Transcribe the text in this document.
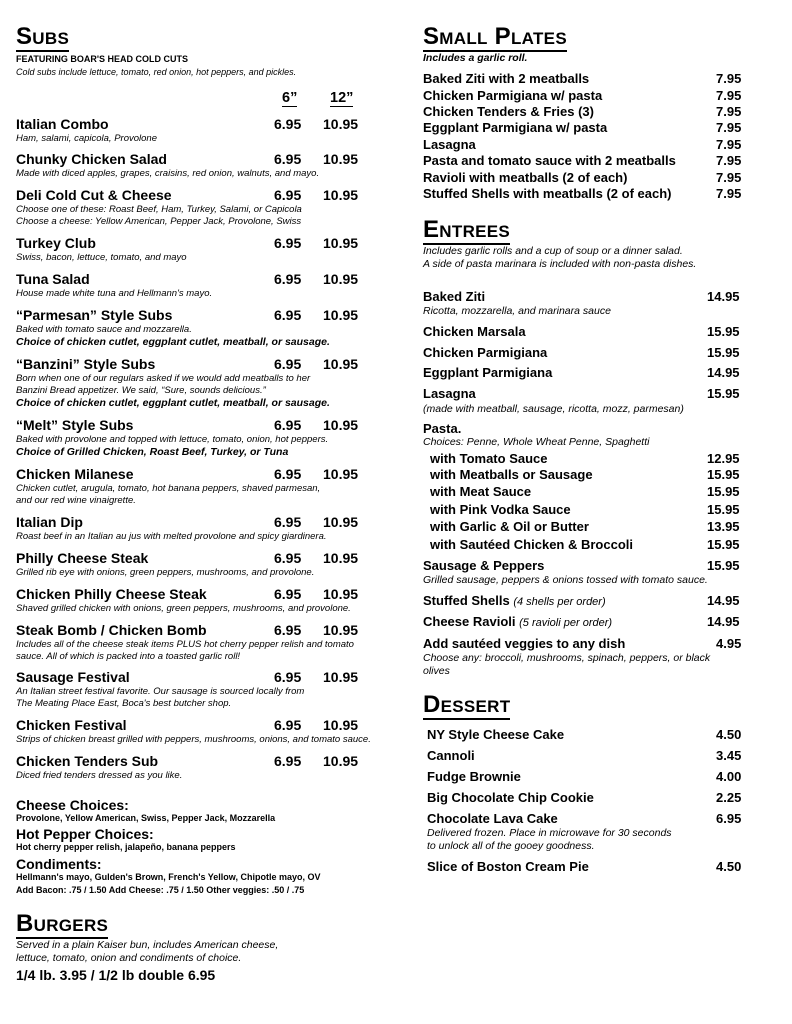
Subs
FEATURING BOAR'S HEAD COLD CUTS
Cold subs include lettuce, tomato, red onion, hot peppers, and pickles.
6” 12”
Italian Combo	6.95 10.95
Ham, salami, capicola, Provolone
Chunky Chicken Salad	6.95 10.95
Made with diced apples, grapes, craisins, red onion, walnuts, and mayo.
Deli Cold Cut & Cheese	6.95 10.95
Choose one of these: Roast Beef, Ham, Turkey, Salami, or Capicola
Choose a cheese: Yellow American, Pepper Jack, Provolone, Swiss
Turkey Club	6.95 10.95
Swiss, bacon, lettuce, tomato, and mayo
Tuna Salad	6.95 10.95
House made white tuna and Hellmann's mayo.
“Parmesan” Style Subs	6.95 10.95
Baked with tomato sauce and mozzarella.
Choice of chicken cutlet, eggplant cutlet, meatball, or sausage.
“Banzini” Style Subs	6.95 10.95
Born when one of our regulars asked if we would add meatballs to her
Banzini Bread appetizer. We said, “Sure, sounds delicious.”
Choice of chicken cutlet, eggplant cutlet, meatball, or sausage.
“Melt” Style Subs	6.95 10.95
Baked with provolone and topped with lettuce, tomato, onion, hot peppers.
Choice of Grilled Chicken, Roast Beef, Turkey, or Tuna
Chicken Milanese	6.95 10.95
Chicken cutlet, arugula, tomato, hot banana peppers, shaved parmesan,
and our red wine vinaigrette.
Italian Dip	6.95 10.95
Roast beef in an Italian au jus with melted provolone and spicy giardinera.
Philly Cheese Steak	6.95 10.95
Grilled rib eye with onions, green peppers, mushrooms, and provolone.
Chicken Philly Cheese Steak	6.95 10.95
Shaved grilled chicken with onions, green peppers, mushrooms, and provolone.
Steak Bomb / Chicken Bomb	6.95 10.95
Includes all of the cheese steak items PLUS hot cherry pepper relish and tomato
sauce. All of which is packed into a toasted garlic roll!
Sausage Festival	6.95 10.95
An Italian street festival favorite. Our sausage is sourced locally from
The Meating Place East, Boca's best butcher shop.
Chicken Festival	6.95 10.95
Strips of chicken breast grilled with peppers, mushrooms, onions, and tomato sauce.
Chicken Tenders Sub	6.95 10.95
Diced fried tenders dressed as you like.
Cheese Choices:
Provolone, Yellow American, Swiss, Pepper Jack, Mozzarella
Hot Pepper Choices:
Hot cherry pepper relish, jalapeño, banana peppers
Condiments:
Hellmann's mayo, Gulden's Brown, French's Yellow, Chipotle mayo, OV
Add Bacon: .75 / 1.50 Add Cheese: .75 / 1.50 Other veggies: .50 / .75
Burgers
Served in a plain Kaiser bun, includes American cheese,
lettuce, tomato, onion and condiments of choice.
1/4 lb. 3.95 / 1/2 lb double 6.95
Small Plates
Includes a garlic roll.
Baked Ziti with 2 meatballs	7.95
Chicken Parmigiana w/ pasta	7.95
Chicken Tenders & Fries (3)	7.95
Eggplant Parmigiana w/ pasta	7.95
Lasagna	7.95
Pasta and tomato sauce with 2 meatballs	7.95
Ravioli with meatballs (2 of each)	7.95
Stuffed Shells with meatballs (2 of each)	7.95
Entrees
Includes garlic rolls and a cup of soup or a dinner salad.
A side of pasta marinara is included with non-pasta dishes.
Baked Ziti	14.95
Ricotta, mozzarella, and marinara sauce
Chicken Marsala	15.95
Chicken Parmigiana	15.95
Eggplant Parmigiana	14.95
Lasagna	15.95
(made with meatball, sausage, ricotta, mozz, parmesan)
Pasta.
Choices: Penne, Whole Wheat Penne, Spaghetti
with Tomato Sauce	12.95
with Meatballs or Sausage	15.95
with Meat Sauce	15.95
with Pink Vodka Sauce	15.95
with Garlic & Oil or Butter	13.95
with Sautéed Chicken & Broccoli	15.95
Sausage & Peppers	15.95
Grilled sausage, peppers & onions tossed with tomato sauce.
Stuffed Shells (4 shells per order)	14.95
Cheese Ravioli (5 ravioli per order)	14.95
Add sautéed veggies to any dish	4.95
Choose any: broccoli, mushrooms, spinach, peppers, or black
olives
Dessert
NY Style Cheese Cake	4.50
Cannoli	3.45
Fudge Brownie	4.00
Big Chocolate Chip Cookie	2.25
Chocolate Lava Cake	6.95
Delivered frozen. Place in microwave for 30 seconds
to unlock all of the gooey goodness.
Slice of Boston Cream Pie	4.50
